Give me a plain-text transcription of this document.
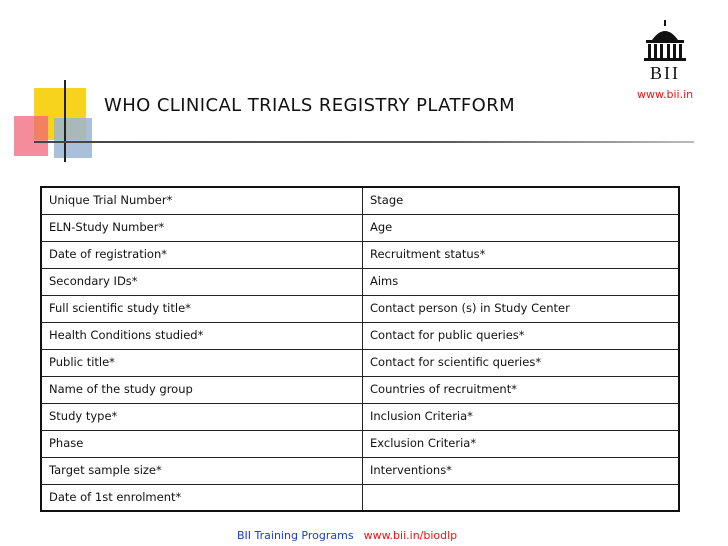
WHO CLINICAL TRIALS REGISTRY PLATFORM
BII
www.bii.in
Unique Trial Number*	Stage
ELN-Study Number*	Age
Date of registration*	Recruitment status*
Secondary IDs*	Aims
Full scientific study title*	Contact person (s) in Study Center
Health Conditions studied*	Contact for public queries*
Public title*	Contact for scientific queries*
Name of the study group	Countries of recruitment*
Study type*	Inclusion Criteria*
Phase	Exclusion Criteria*
Target sample size*	Interventions*
Date of 1st enrolment*	
BII Training Programs www.bii.in/biodlp
